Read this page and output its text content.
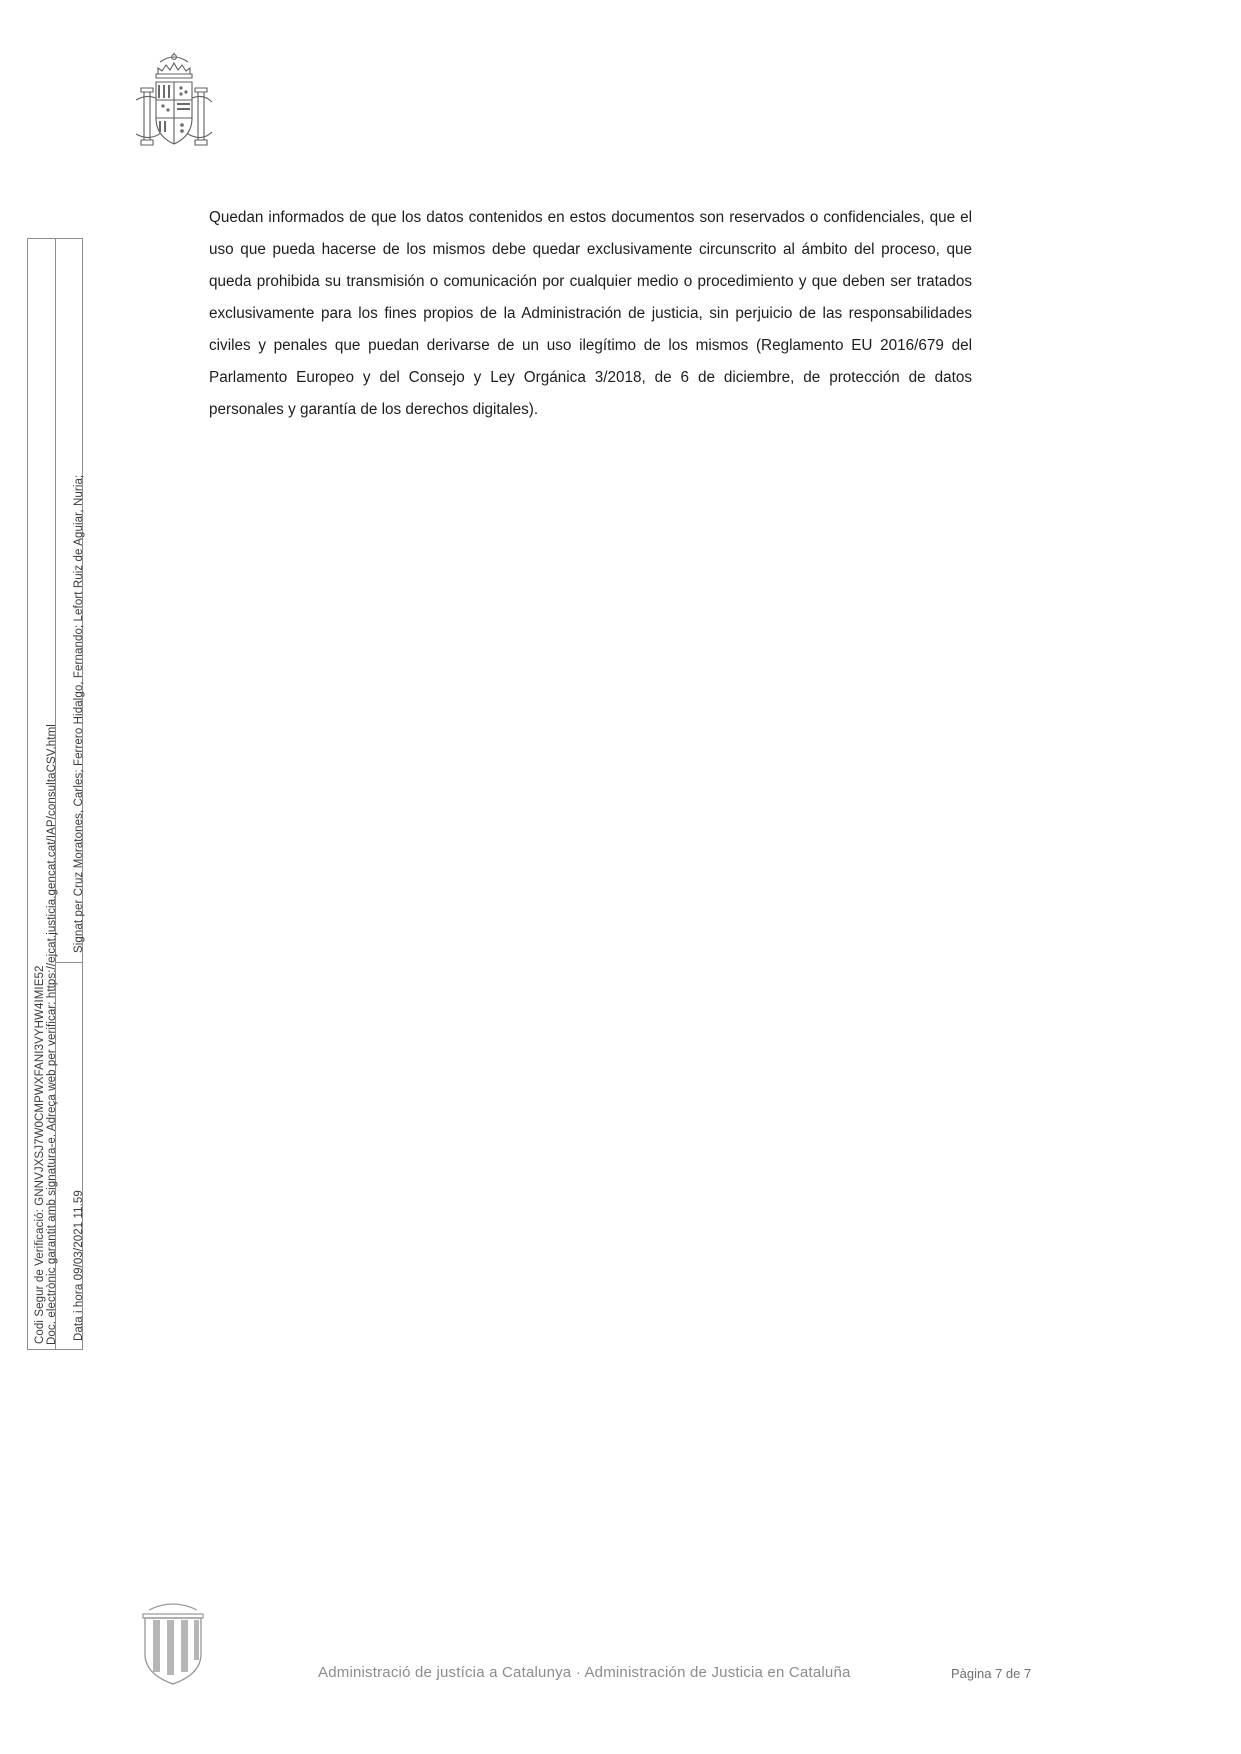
Doc. electrònic garantit amb signatura-e. Adreça web per verificar: https://ejcat.justicia.gencat.cat/IAP/consultaCSV.html
Signat per Cruz Moratones, Carles; Ferrero Hidalgo, Fernando; Lefort Ruiz de Aguiar, Nuria;
Data i hora 09/03/2021 11.59
Codi Segur de Verificació: GNNVJXSJ7W0CMPWXFANI3VYHW4IMIE52

Quedan informados de que los datos contenidos en estos documentos son reservados o confidenciales, que el uso que pueda hacerse de los mismos debe quedar exclusivamente circunscrito al ámbito del proceso, que queda prohibida su transmisión o comunicación por cualquier medio o procedimiento y que deben ser tratados exclusivamente para los fines propios de la Administración de justicia, sin perjuicio de las responsabilidades civiles y penales que puedan derivarse de un uso ilegítimo de los mismos (Reglamento EU 2016/679 del Parlamento Europeo y del Consejo y Ley Orgánica 3/2018, de 6 de diciembre, de protección de datos personales y garantía de los derechos digitales).

Administració de justícia a Catalunya · Administración de Justicia en Cataluña	Pàgina 7 de 7
